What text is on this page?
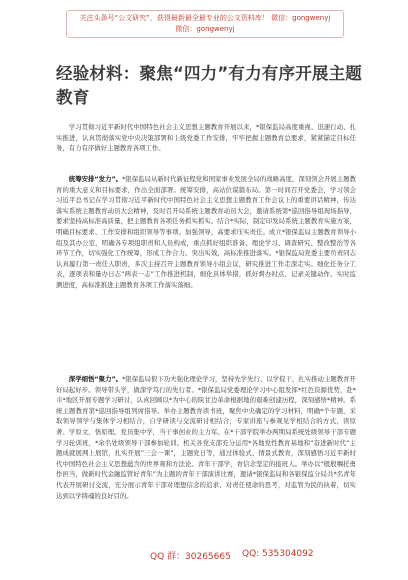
关注头条号“公文研究”，获得最新最全最专业的公文资料库！ 微信：gongwenyj
微信：gongwenyj
经验材料：聚焦“四力”有力有序开展主题教育
学习贯彻习近平新时代中国特色社会主义思想主题教育开展以来，*银保监局高度重视、迅速行动、扎实推进，认真贯彻落实党中央决策部署和上级党委工作安排，牢牢把握主题教育总要求，紧紧锚定目标任务，有力有序做好主题教育各项工作。
统筹安排“发力”。*银保监局从新时代新征程党和国家事业发展全局的战略高度，深刻领会开展主题教育的重大意义和目标要求，作出全面部署。统筹安排，高站位谋篇布局。第一时间召开党委会，学习领会习近平总书记在学习贯彻习近平新时代中国特色社会主义思想主题教育工作会议上的重要讲话精神，传达落实系统主题教育动员大会精神，及时召开局系统主题教育动员大会，邀请系统第*巡回指导组现场指导，要求坚持高标准高质量，把主题教育各项任务抓实抓实。结合*实际，制定印发局系统主题教育实施方案，明确目标要求、工作安排和组织领导等事项。加强领导，高要求压实责任。成立*银保监局主题教育领导小组及其办公室，明确各专项组职责和人员构成，重点抓好组织准备、理论学习、调查研究、整改整治等各环节工作，切实强化工作统筹，形成工作合力。突出实效，高标准推进落实。*银保监局党委主要负责同志认真履行第一责任人职责，多次主持召开主题教育领导小组会议，研究推进工作走深走实。细化任务分工表，逐项表和量办日志“两表一志”工作推进机制，细化具体举措，抓好督办时点、记录关键动作、实时监测进度，高标准推进主题教育各项工作落实落细。
深学细悟“聚力”。*银保监局狠下功夫强化理论学习，坚持先学先行、以学促干，扎实推动主题教育开好局起好步。领导带头学，做深学笃行的先行者。*银保监局党委理论学习中心组发挥*红色资源优势，赴*市*地区开展专题学习研讨，认真回顾以*为中心的陕甘边革命根据地的艰难创建历程，深刻感悟*精神。系统主题教育第*巡回指导组列席指导。举办主题教育读书班，聚焦中央确定的学习材料，明确*个专题，采取领导领学与集体学习相结合，自学研读与交流研讨相结合，专家讲座与参观见学相结合的方式，读原著、学原文、悟原理。党员集中学，当干事创业的主力军。在*干部学院举办两期局系统处级领导干部专题学习轮训班，*余名处级领导干部参加轮训。机关各党支部充分运用*各地党性教育基地和“奋进新时代”主题成就展网上展馆，扎实开展“三会一课”，主题党日等，通过体验式、情景式教育，深刻感悟习近平新时代中国特色社会主义思想蕴含的世界观和方法论。青年干部学，育信念坚定的接班人。举办以“殷殷嘱托勇作担当，做新时代金融监管好青年”为主题的青年干部演讲比赛，邀请*银保监局和各银保监分局共*名青年代表开展研讨交流，充分展示青年干部对理想信念的追求、对责任使命的思考，对监管为民的执着，切实达到以学铸魂的良好目的。
QQ 群：30265665 QQ: 535304092
